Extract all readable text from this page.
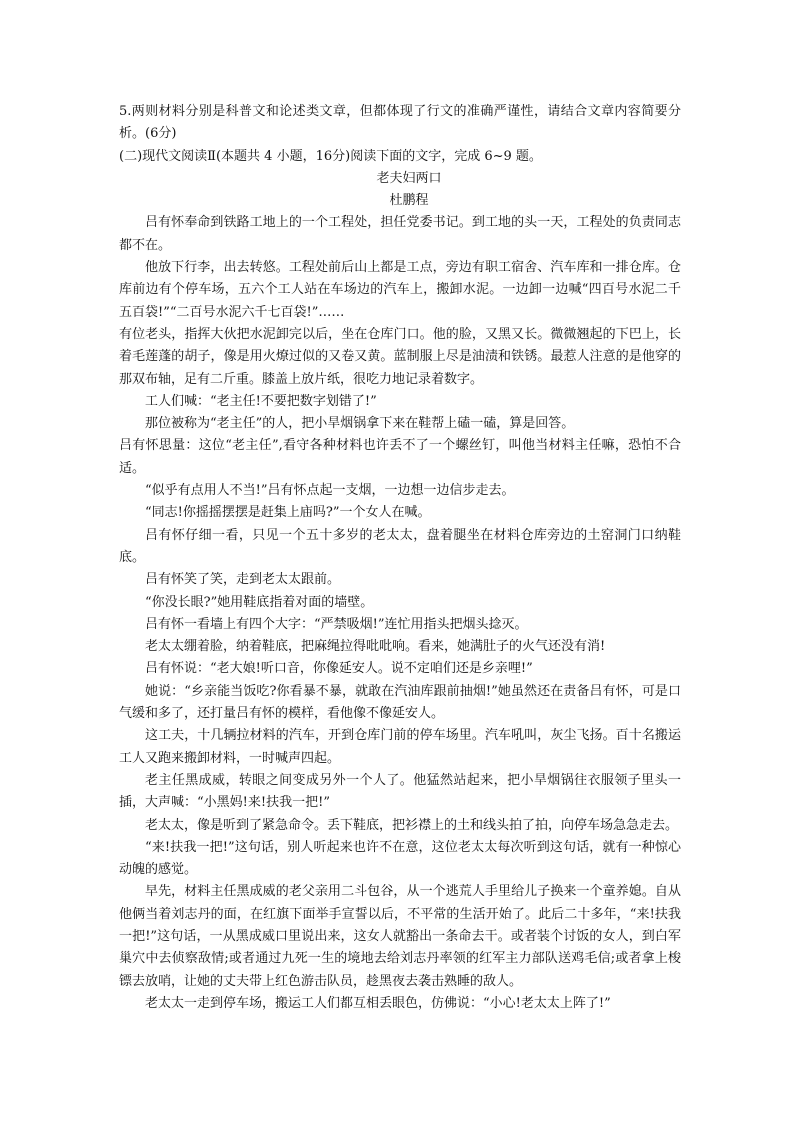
5.两则材料分别是科普文和论述类文章，但都体现了行文的准确严谨性，请结合文章内容简要分析。(6分)

(二)现代文阅读Ⅱ(本题共 4 小题，16分)阅读下面的文字，完成 6~9 题。

老夫妇两口

杜鹏程

吕有怀奉命到铁路工地上的一个工程处，担任党委书记。到工地的头一天，工程处的负责同志都不在。

他放下行李，出去转悠。工程处前后山上都是工点，旁边有职工宿舍、汽车库和一排仓库。仓库前边有个停车场，五六个工人站在车场边的汽车上，搬卸水泥。一边卸一边喊“四百号水泥二千五百袋!”“二百号水泥六千七百袋!”……

有位老头，指挥大伙把水泥卸完以后，坐在仓库门口。他的脸，又黑又长。微微翘起的下巴上，长着毛莲蓬的胡子，像是用火燎过似的又卷又黄。蓝制服上尽是油渍和铁锈。最惹人注意的是他穿的那双布轴，足有二斤重。膝盖上放片纸，很吃力地记录着数字。

工人们喊：“老主任!不要把数字划错了!”

那位被称为“老主任”的人，把小旱烟锅拿下来在鞋帮上磕一磕，算是回答。

吕有怀思量：这位“老主任”,看守各种材料也许丢不了一个螺丝钉，叫他当材料主任嘛，恐怕不合适。

“似乎有点用人不当!”吕有怀点起一支烟，一边想一边信步走去。

“同志!你摇摇摆摆是赶集上庙吗?”一个女人在喊。

吕有怀仔细一看，只见一个五十多岁的老太太，盘着腿坐在材料仓库旁边的土窑洞门口纳鞋底。

吕有怀笑了笑，走到老太太跟前。

“你没长眼?”她用鞋底指着对面的墙壁。

吕有怀一看墙上有四个大字：“严禁吸烟!”连忙用指头把烟头捻灭。

老太太绷着脸，纳着鞋底，把麻绳拉得吡吡响。看来，她满肚子的火气还没有消!

吕有怀说：“老大娘!听口音，你像延安人。说不定咱们还是乡亲哩!”

她说：“乡亲能当饭吃?你看暴不暴，就敢在汽油库跟前抽烟!”她虽然还在责备吕有怀，可是口气缓和多了，还打量吕有怀的模样，看他像不像延安人。

这工夫，十几辆拉材料的汽车，开到仓库门前的停车场里。汽车吼叫，灰尘飞扬。百十名搬运工人又跑来搬卸材料，一时喊声四起。

老主任黑成威，转眼之间变成另外一个人了。他猛然站起来，把小旱烟锅往衣服领子里头一插，大声喊：“小黑妈!来!扶我一把!”

老太太，像是听到了紧急命令。丢下鞋底，把衫襟上的土和线头拍了拍，向停车场急急走去。

“来!扶我一把!”这句话，别人听起来也许不在意，这位老太太每次听到这句话，就有一种惊心动魄的感觉。

早先，材料主任黑成威的老父亲用二斗包谷，从一个逃荒人手里给儿子换来一个童养媳。自从他俩当着刘志丹的面，在红旗下面举手宣誓以后，不平常的生活开始了。此后二十多年，“来!扶我一把!”这句话，一从黑成威口里说出来，这女人就豁出一条命去干。或者装个讨饭的女人，到白军巢穴中去侦察敌情;或者通过九死一生的境地去给刘志丹率领的红军主力部队送鸡毛信;或者拿上梭镖去放哨，让她的丈夫带上红色游击队员，趁黑夜去袭击熟睡的敌人。

老太太一走到停车场，搬运工人们都互相丢眼色，仿佛说：“小心!老太太上阵了!”
